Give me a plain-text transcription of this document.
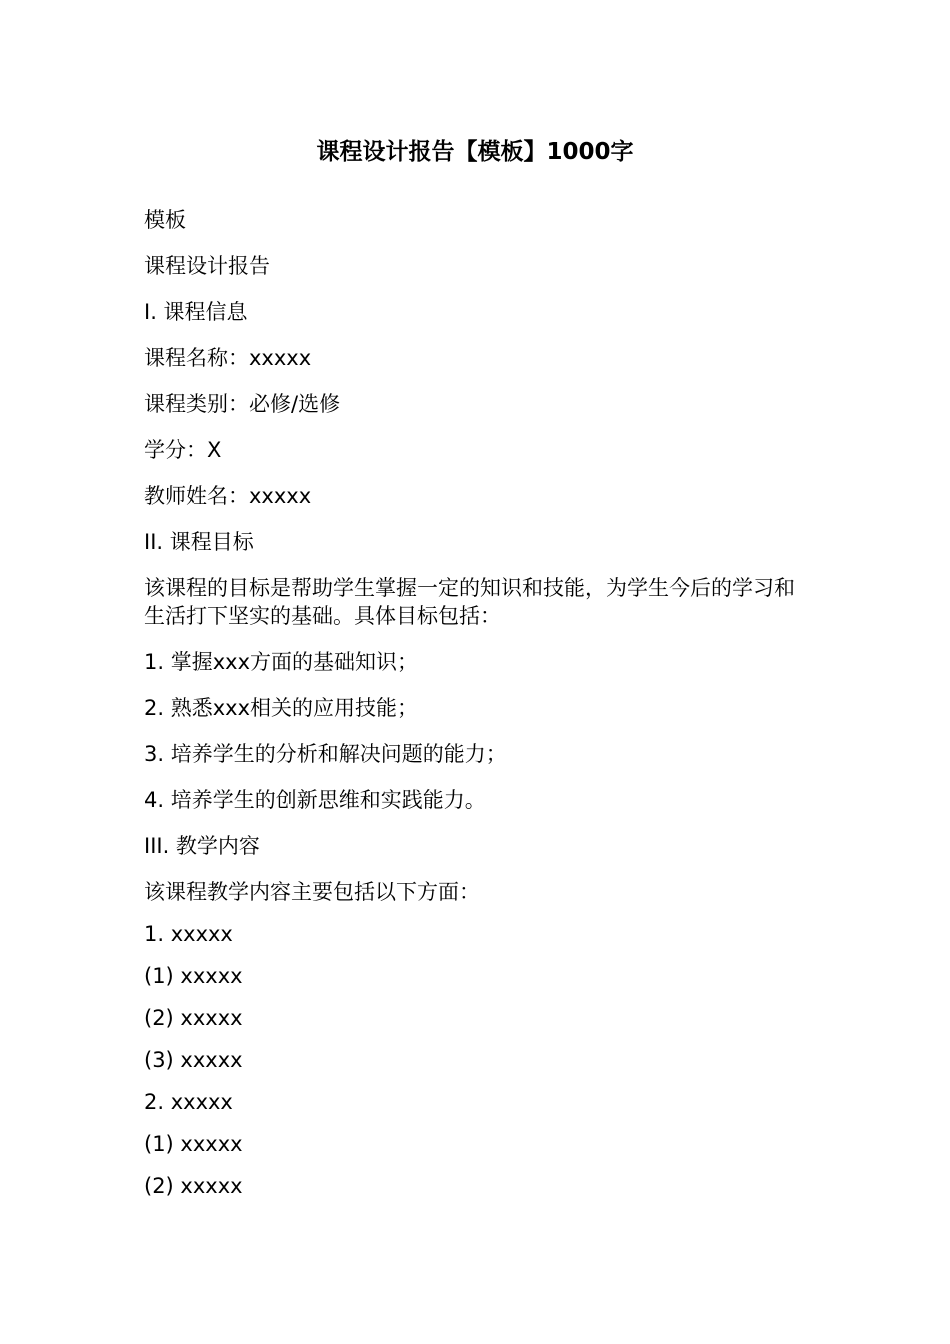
课程设计报告【模板】1000字
模板
课程设计报告
I. 课程信息
课程名称：xxxxx
课程类别：必修/选修
学分：X
教师姓名：xxxxx
II. 课程目标
该课程的目标是帮助学生掌握一定的知识和技能，为学生今后的学习和生活打下坚实的基础。具体目标包括：
1. 掌握xxx方面的基础知识；
2. 熟悉xxx相关的应用技能；
3. 培养学生的分析和解决问题的能力；
4. 培养学生的创新思维和实践能力。
III. 教学内容
该课程教学内容主要包括以下方面：
1. xxxxx
(1) xxxxx
(2) xxxxx
(3) xxxxx
2. xxxxx
(1) xxxxx
(2) xxxxx
